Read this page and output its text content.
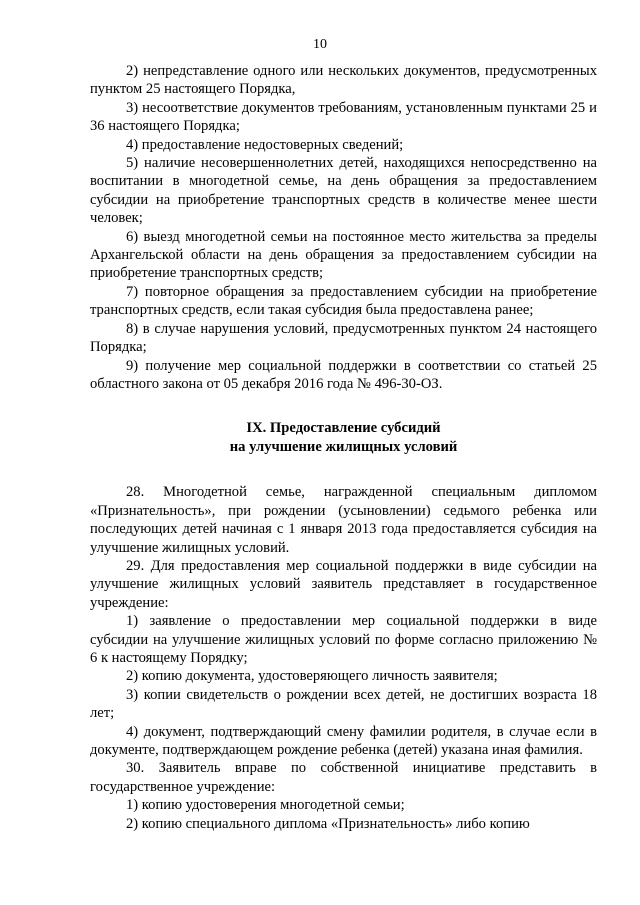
10

2) непредставление одного или нескольких документов, предусмотренных пунктом 25 настоящего Порядка,

3) несоответствие документов требованиям, установленным пунктами 25 и 36 настоящего Порядка;

4) предоставление недостоверных сведений;

5) наличие несовершеннолетних детей, находящихся непосредственно на воспитании в многодетной семье, на день обращения за предоставлением субсидии на приобретение транспортных средств в количестве менее шести человек;

6) выезд многодетной семьи на постоянное место жительства за пределы Архангельской области на день обращения за предоставлением субсидии на приобретение транспортных средств;

7) повторное обращения за предоставлением субсидии на приобретение транспортных средств, если такая субсидия была предоставлена ранее;

8) в случае нарушения условий, предусмотренных пунктом 24 настоящего Порядка;

9) получение мер социальной поддержки в соответствии со статьей 25 областного закона от 05 декабря 2016 года № 496-30-ОЗ.

IX. Предоставление субсидий
на улучшение жилищных условий

28. Многодетной семье, награжденной специальным дипломом «Признательность», при рождении (усыновлении) седьмого ребенка или последующих детей начиная с 1 января 2013 года предоставляется субсидия на улучшение жилищных условий.

29. Для предоставления мер социальной поддержки в виде субсидии на улучшение жилищных условий заявитель представляет в государственное учреждение:

1) заявление о предоставлении мер социальной поддержки в виде субсидии на улучшение жилищных условий по форме согласно приложению № 6 к настоящему Порядку;

2) копию документа, удостоверяющего личность заявителя;

3) копии свидетельств о рождении всех детей, не достигших возраста 18 лет;

4) документ, подтверждающий смену фамилии родителя, в случае если в документе, подтверждающем рождение ребенка (детей) указана иная фамилия.

30. Заявитель вправе по собственной инициативе представить в государственное учреждение:

1) копию удостоверения многодетной семьи;

2) копию специального диплома «Признательность» либо копию
